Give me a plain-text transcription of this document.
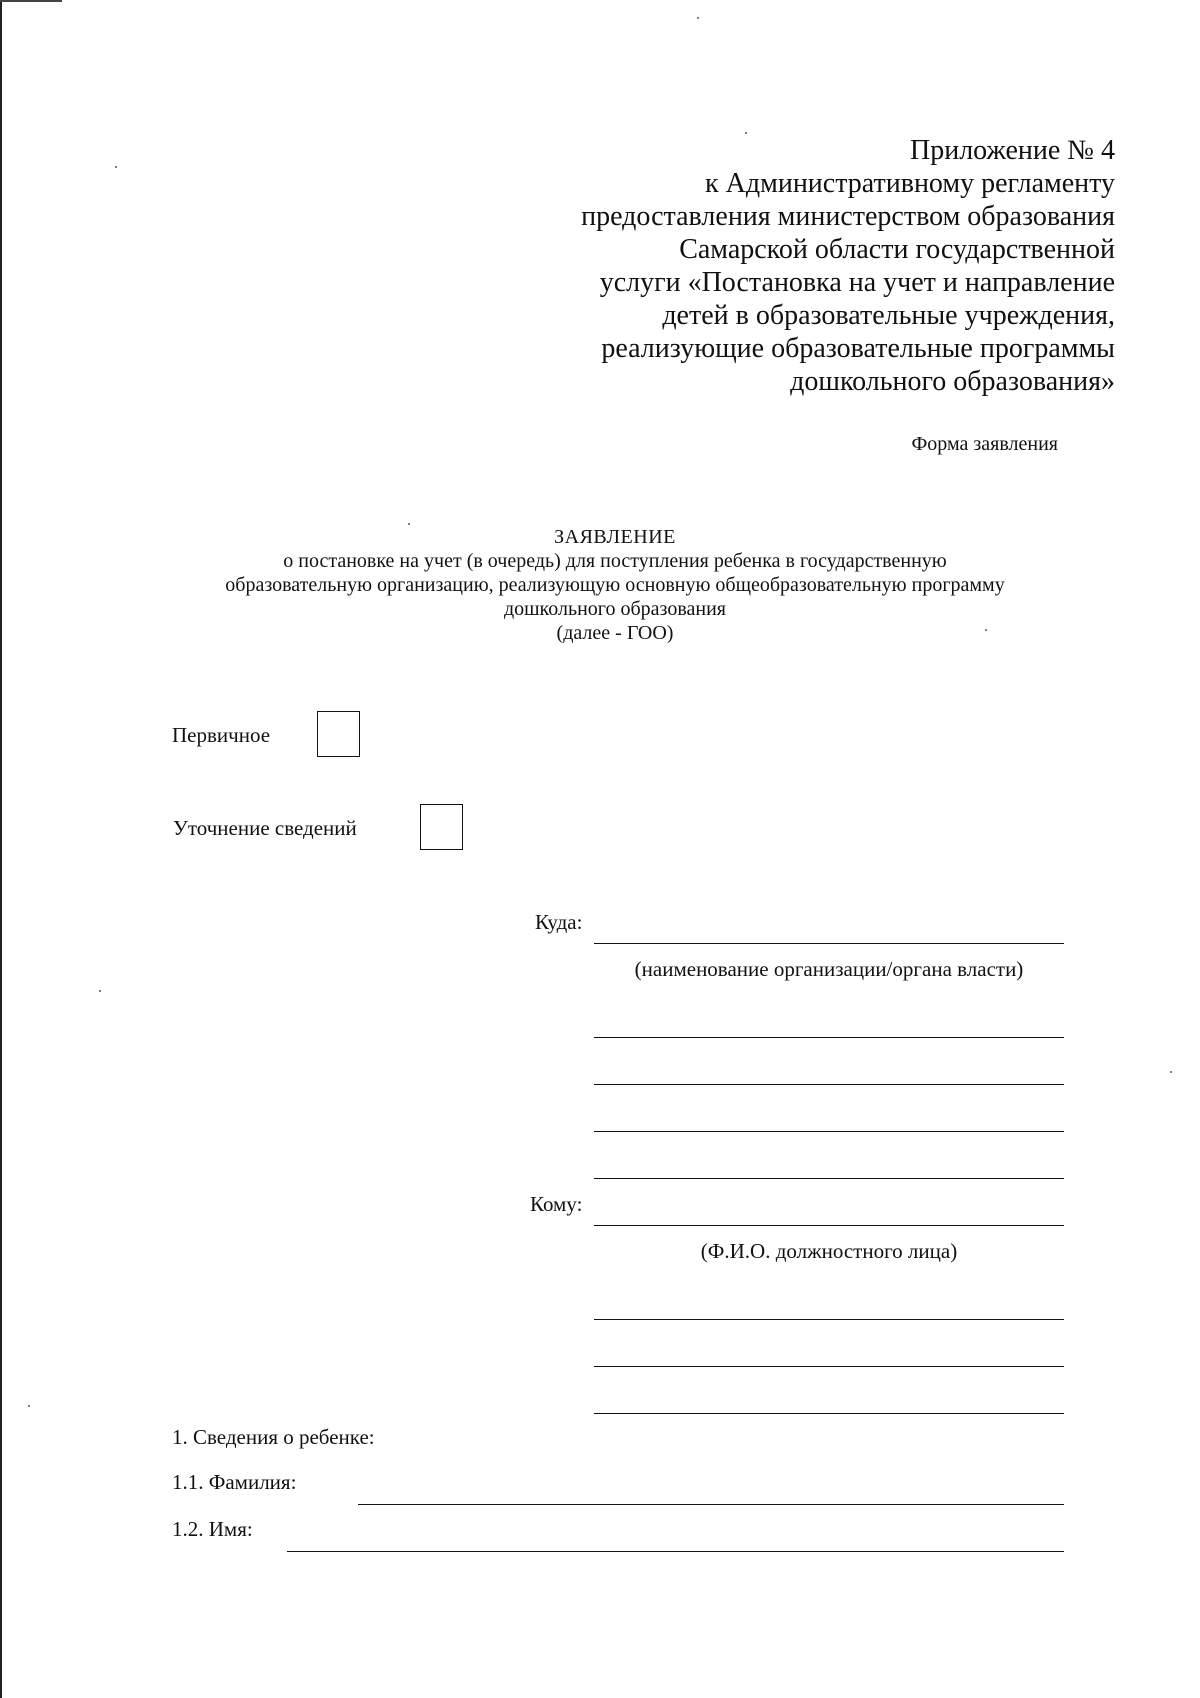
Приложение № 4
к Административному регламенту
предоставления министерством образования
Самарской области государственной
услуги «Постановка на учет и направление
детей в образовательные учреждения,
реализующие образовательные программы
дошкольного образования»
Форма заявления
ЗАЯВЛЕНИЕ
о постановке на учет (в очередь) для поступления ребенка в государственную
образовательную организацию, реализующую основную общеобразовательную программу
дошкольного образования
(далее - ГОО)
Первичное
Уточнение сведений
Куда:
(наименование организации/органа власти)
Кому:
(Ф.И.О. должностного лица)
1. Сведения о ребенке:
1.1. Фамилия:
1.2. Имя:
